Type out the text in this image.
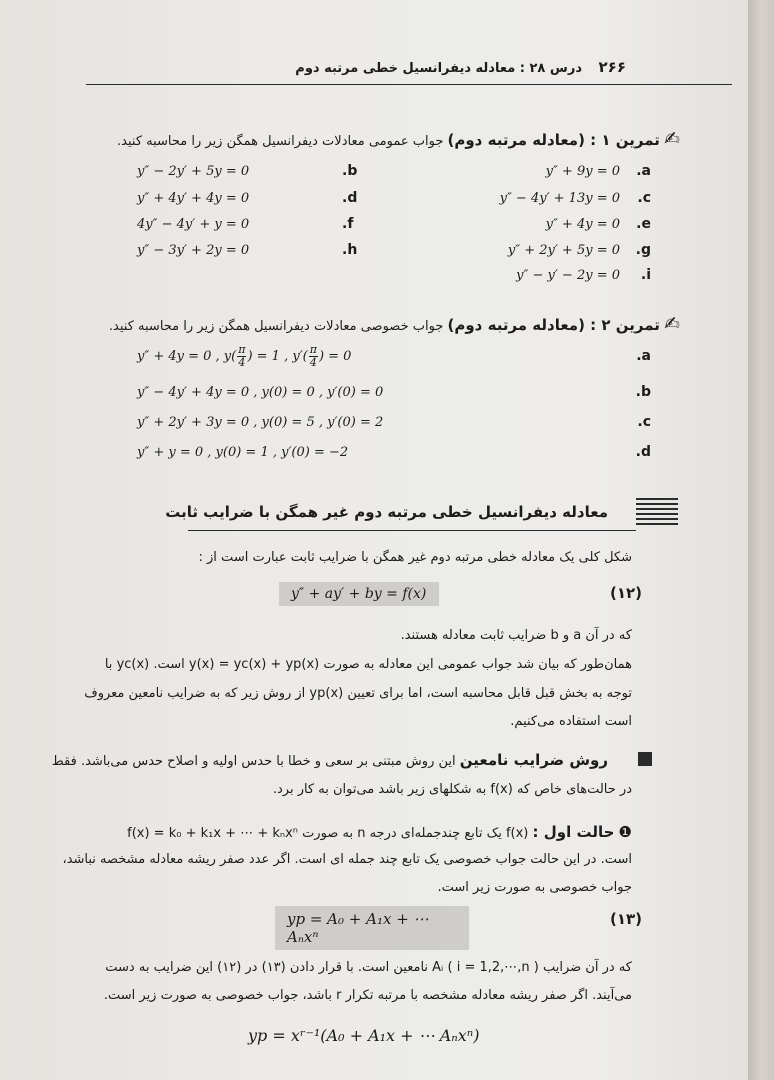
۲۶۶ درس ۲۸ : معادله دیفرانسیل خطی مرتبه دوم
✍ تمرین ۱ : (معادله مرتبه دوم) جواب عمومی معادلات دیفرانسیل همگن زیر را محاسبه کنید.
.a
y″ + 9y = 0
.c
y″ − 4y′ + 13y = 0
.e
y″ + 4y = 0
.g
y″ + 2y′ + 5y = 0
.i
y″ − y′ − 2y = 0
.b
y″ − 2y′ + 5y = 0
.d
y″ + 4y′ + 4y = 0
.f
4y″ − 4y′ + y = 0
.h
y″ − 3y′ + 2y = 0
✍ تمرین ۲ : (معادله مرتبه دوم) جواب خصوصی معادلات دیفرانسیل همگن زیر را محاسبه کنید.
.a
y″ + 4y = 0 , y( π
4 ) = 1 , y′( π
4 ) = 0
.b
y″ − 4y′ + 4y = 0 , y(0) = 0 , y′(0) = 0
.c
y″ + 2y′ + 3y = 0 , y(0) = 5 , y′(0) = 2
.d
y″ + y = 0 , y(0) = 1 , y′(0) = −2
معادله دیفرانسیل خطی مرتبه دوم غیر همگن با ضرایب ثابت
شکل کلی یک معادله خطی مرتبه دوم غیر همگن با ضرایب ثابت عبارت است از :
y″ + ay′ + by = f(x)	(۱۲)
که در آن a و b ضرایب ثابت معادله هستند.
همان‌طور که بیان شد جواب عمومی این معادله به صورت y(x) = yc(x) + yp(x) است. yc(x) با
توجه به بخش قبل قابل محاسبه است، اما برای تعیین yp(x) از روش زیر که به ضرایب نامعین معروف
است استفاده می‌کنیم.
روش ضرایب نامعین این روش مبتنی بر سعی و خطا با حدس اولیه و اصلاح حدس می‌باشد. فقط
در حالت‌های خاص که f(x) به شکلهای زیر باشد می‌توان به کار برد.
❶ حالت اول : f(x) یک تابع چندجمله‌ای درجه n به صورت f(x) = k₀ + k₁x + ⋯ + kₙxⁿ
است. در این حالت جواب خصوصی یک تابع چند جمله ای است. اگر عدد صفر ریشه معادله مشخصه نباشد،
جواب خصوصی به صورت زیر است.
yp = A₀ + A₁x + ⋯ Aₙxⁿ
(۱۳)
که در آن ضرایب Aᵢ ( i = 1,2,⋯,n ) نامعین است. با قرار دادن (۱۳) در (۱۲) این ضرایب به دست
می‌آیند. اگر صفر ریشه معادله مشخصه با مرتبه تکرار r باشد، جواب خصوصی به صورت زیر است.
yp = xʳ⁻¹(A₀ + A₁x + ⋯ Aₙxⁿ)
